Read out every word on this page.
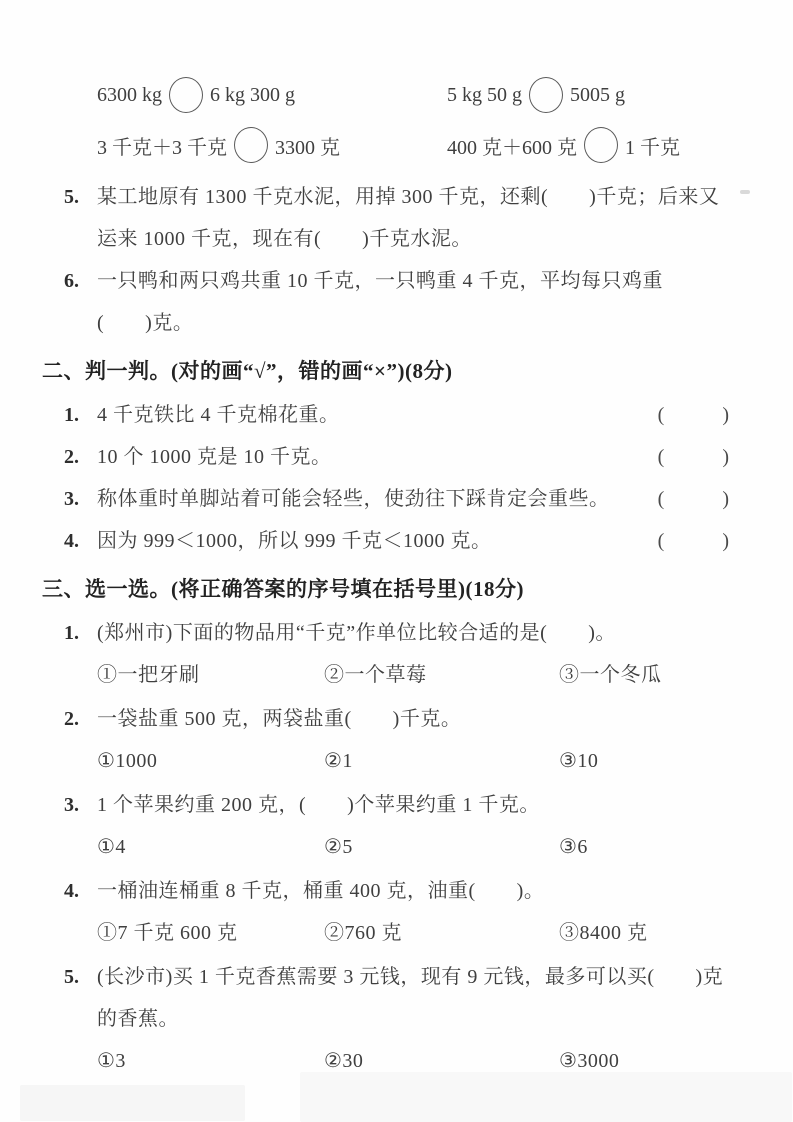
6300 kg 6 kg 300 g	5 kg 50 g 5005 g
3 千克＋3 千克 3300 克	400 克＋600 克 1 千克
5. 某工地原有 1300 千克水泥，用掉 300 千克，还剩(　　)千克；后来又
运来 1000 千克，现在有(　　)千克水泥。
6. 一只鸭和两只鸡共重 10 千克，一只鸭重 4 千克，平均每只鸡重
(　　)克。
二、判一判。(对的画“√”，错的画“×”)(8分)
1. 4 千克铁比 4 千克棉花重。	(　　)
2. 10 个 1000 克是 10 千克。	(　　)
3. 称体重时单脚站着可能会轻些，使劲往下踩肯定会重些。	(　　)
4. 因为 999＜1000，所以 999 千克＜1000 克。	(　　)
三、选一选。(将正确答案的序号填在括号里)(18分)
1. (郑州市)下面的物品用“千克”作单位比较合适的是(　　)。
①一把牙刷	②一个草莓	③一个冬瓜
2. 一袋盐重 500 克，两袋盐重(　　)千克。
①1000	②1	③10
3. 1 个苹果约重 200 克，(　　)个苹果约重 1 千克。
①4	②5	③6
4. 一桶油连桶重 8 千克，桶重 400 克，油重(　　)。
①7 千克 600 克	②760 克	③8400 克
5. (长沙市)买 1 千克香蕉需要 3 元钱，现有 9 元钱，最多可以买(　　)克
的香蕉。
①3	②30	③3000
